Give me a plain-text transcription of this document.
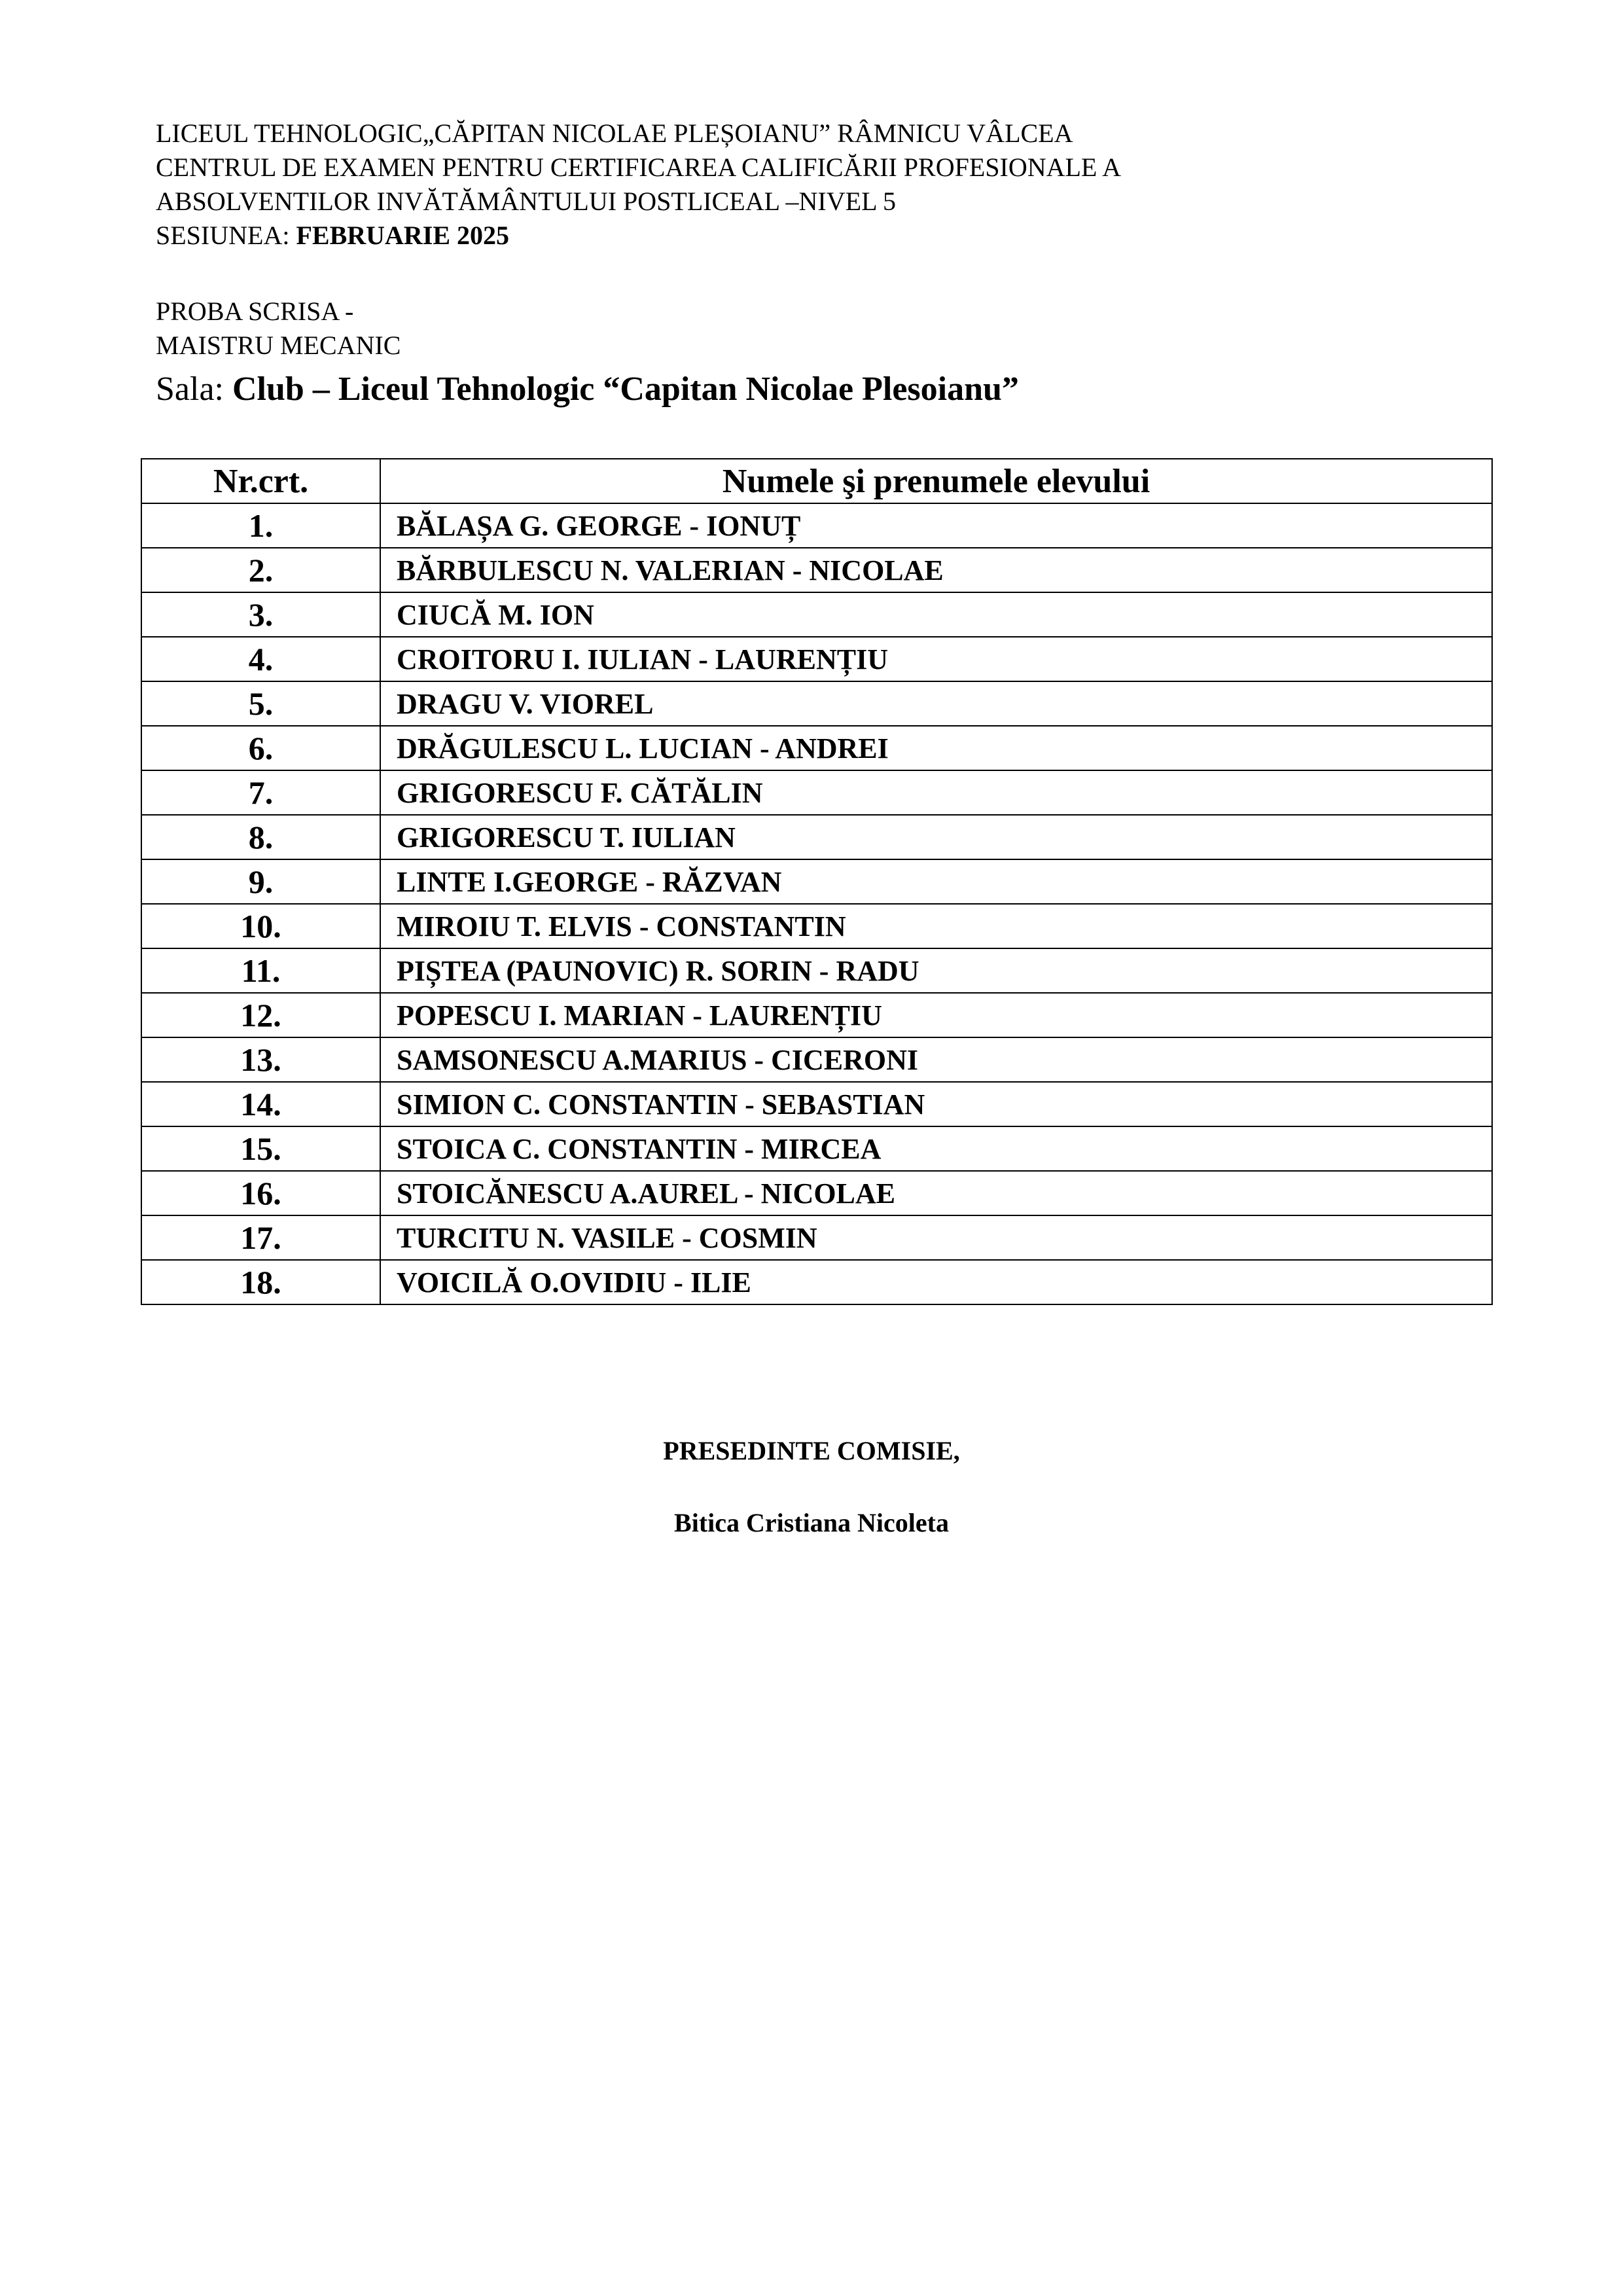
LICEUL TEHNOLOGIC„CĂPITAN NICOLAE PLEȘOIANU” RÂMNICU VÂLCEA
CENTRUL DE EXAMEN PENTRU CERTIFICAREA CALIFICĂRII PROFESIONALE A
ABSOLVENTILOR INVĂTĂMÂNTULUI POSTLICEAL –NIVEL 5
SESIUNEA: FEBRUARIE 2025
PROBA SCRISA -
MAISTRU MECANIC
Sala: Club – Liceul Tehnologic “Capitan Nicolae Plesoianu”
Nr.crt.	Numele şi prenumele elevului
1.	BĂLAȘA G. GEORGE - IONUȚ
2.	BĂRBULESCU N. VALERIAN - NICOLAE
3.	CIUCĂ M. ION
4.	CROITORU I. IULIAN - LAURENȚIU
5.	DRAGU V. VIOREL
6.	DRĂGULESCU L. LUCIAN - ANDREI
7.	GRIGORESCU F. CĂTĂLIN
8.	GRIGORESCU T. IULIAN
9.	LINTE I.GEORGE - RĂZVAN
10.	MIROIU T. ELVIS - CONSTANTIN
11.	PIȘTEA (PAUNOVIC) R. SORIN - RADU
12.	POPESCU I. MARIAN - LAURENȚIU
13.	SAMSONESCU A.MARIUS - CICERONI
14.	SIMION C. CONSTANTIN - SEBASTIAN
15.	STOICA C. CONSTANTIN - MIRCEA
16.	STOICĂNESCU A.AUREL - NICOLAE
17.	TURCITU N. VASILE - COSMIN
18.	VOICILĂ O.OVIDIU - ILIE
PRESEDINTE COMISIE,
Bitica Cristiana Nicoleta
